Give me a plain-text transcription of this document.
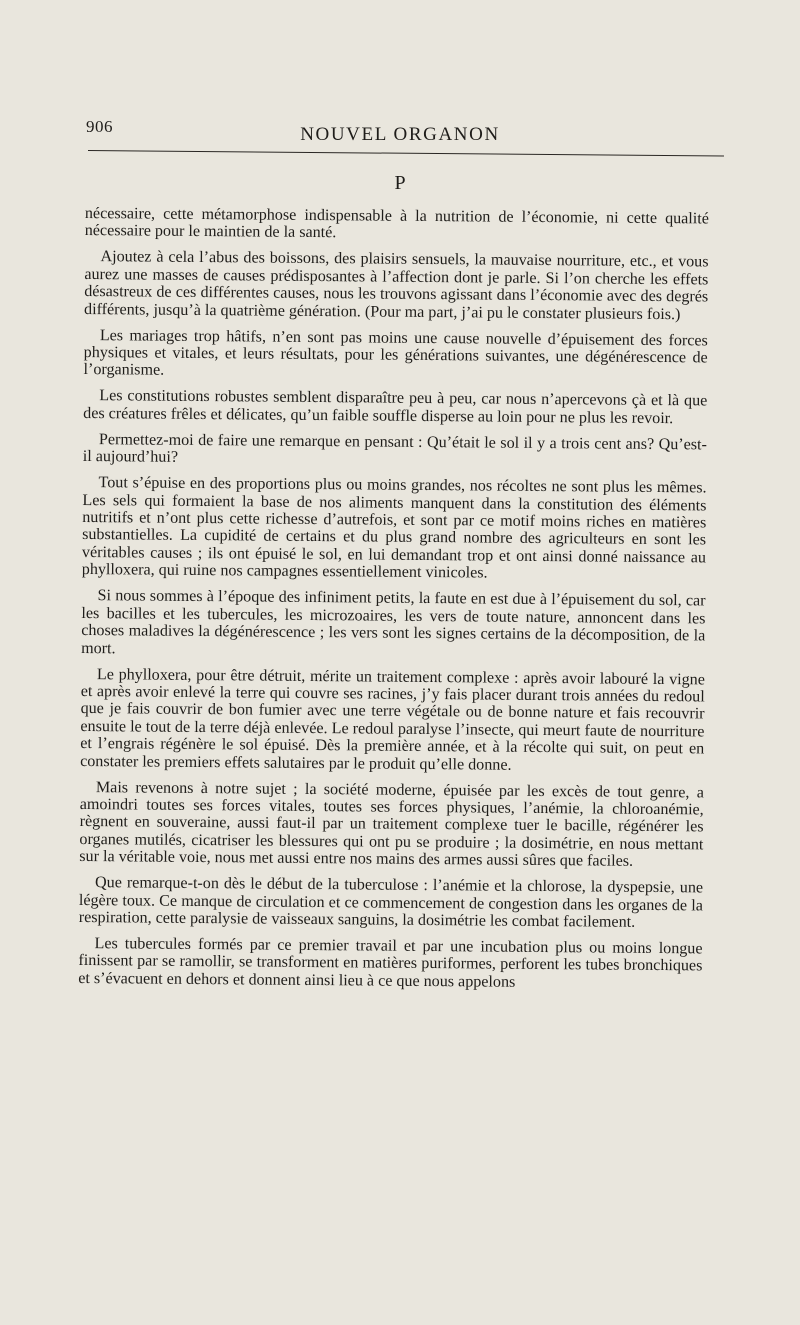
906	NOUVEL ORGANON
P

nécessaire, cette métamorphose indispensable à la nutrition de l’économie, ni cette qualité nécessaire pour le maintien de la santé.

Ajoutez à cela l’abus des boissons, des plaisirs sensuels, la mauvaise nourriture, etc., et vous aurez une masses de causes prédisposantes à l’affection dont je parle. Si l’on cherche les effets désastreux de ces différentes causes, nous les trouvons agissant dans l’économie avec des degrés différents, jusqu’à la quatrième génération. (Pour ma part, j’ai pu le constater plusieurs fois.)

Les mariages trop hâtifs, n’en sont pas moins une cause nouvelle d’épuisement des forces physiques et vitales, et leurs résultats, pour les générations suivantes, une dégénérescence de l’organisme.

Les constitutions robustes semblent disparaître peu à peu, car nous n’apercevons çà et là que des créatures frêles et délicates, qu’un faible souffle disperse au loin pour ne plus les revoir.

Permettez-moi de faire une remarque en pensant : Qu’était le sol il y a trois cent ans? Qu’est-il aujourd’hui?

Tout s’épuise en des proportions plus ou moins grandes, nos récoltes ne sont plus les mêmes. Les sels qui formaient la base de nos aliments manquent dans la constitution des éléments nutritifs et n’ont plus cette richesse d’autrefois, et sont par ce motif moins riches en matières substantielles. La cupidité de certains et du plus grand nombre des agriculteurs en sont les véritables causes ; ils ont épuisé le sol, en lui demandant trop et ont ainsi donné naissance au phylloxera, qui ruine nos campagnes essentiellement vinicoles.

Si nous sommes à l’époque des infiniment petits, la faute en est due à l’épuisement du sol, car les bacilles et les tubercules, les microzoaires, les vers de toute nature, annoncent dans les choses maladives la dégénérescence ; les vers sont les signes certains de la décomposition, de la mort.

Le phylloxera, pour être détruit, mérite un traitement complexe : après avoir labouré la vigne et après avoir enlevé la terre qui couvre ses racines, j’y fais placer durant trois années du redoul que je fais couvrir de bon fumier avec une terre végétale ou de bonne nature et fais recouvrir ensuite le tout de la terre déjà enlevée. Le redoul paralyse l’insecte, qui meurt faute de nourriture et l’engrais régénère le sol épuisé. Dès la première année, et à la récolte qui suit, on peut en constater les premiers effets salutaires par le produit qu’elle donne.

Mais revenons à notre sujet ; la société moderne, épuisée par les excès de tout genre, a amoindri toutes ses forces vitales, toutes ses forces physiques, l’anémie, la chloroanémie, règnent en souveraine, aussi faut-il par un traitement complexe tuer le bacille, régénérer les organes mutilés, cicatriser les blessures qui ont pu se produire ; la dosimétrie, en nous mettant sur la véritable voie, nous met aussi entre nos mains des armes aussi sûres que faciles.

Que remarque-t-on dès le début de la tuberculose : l’anémie et la chlorose, la dyspepsie, une légère toux. Ce manque de circulation et ce commencement de congestion dans les organes de la respiration, cette paralysie de vaisseaux sanguins, la dosimétrie les combat facilement.

Les tubercules formés par ce premier travail et par une incubation plus ou moins longue finissent par se ramollir, se transforment en matières puriformes, perforent les tubes bronchiques et s’évacuent en dehors et donnent ainsi lieu à ce que nous appelons
